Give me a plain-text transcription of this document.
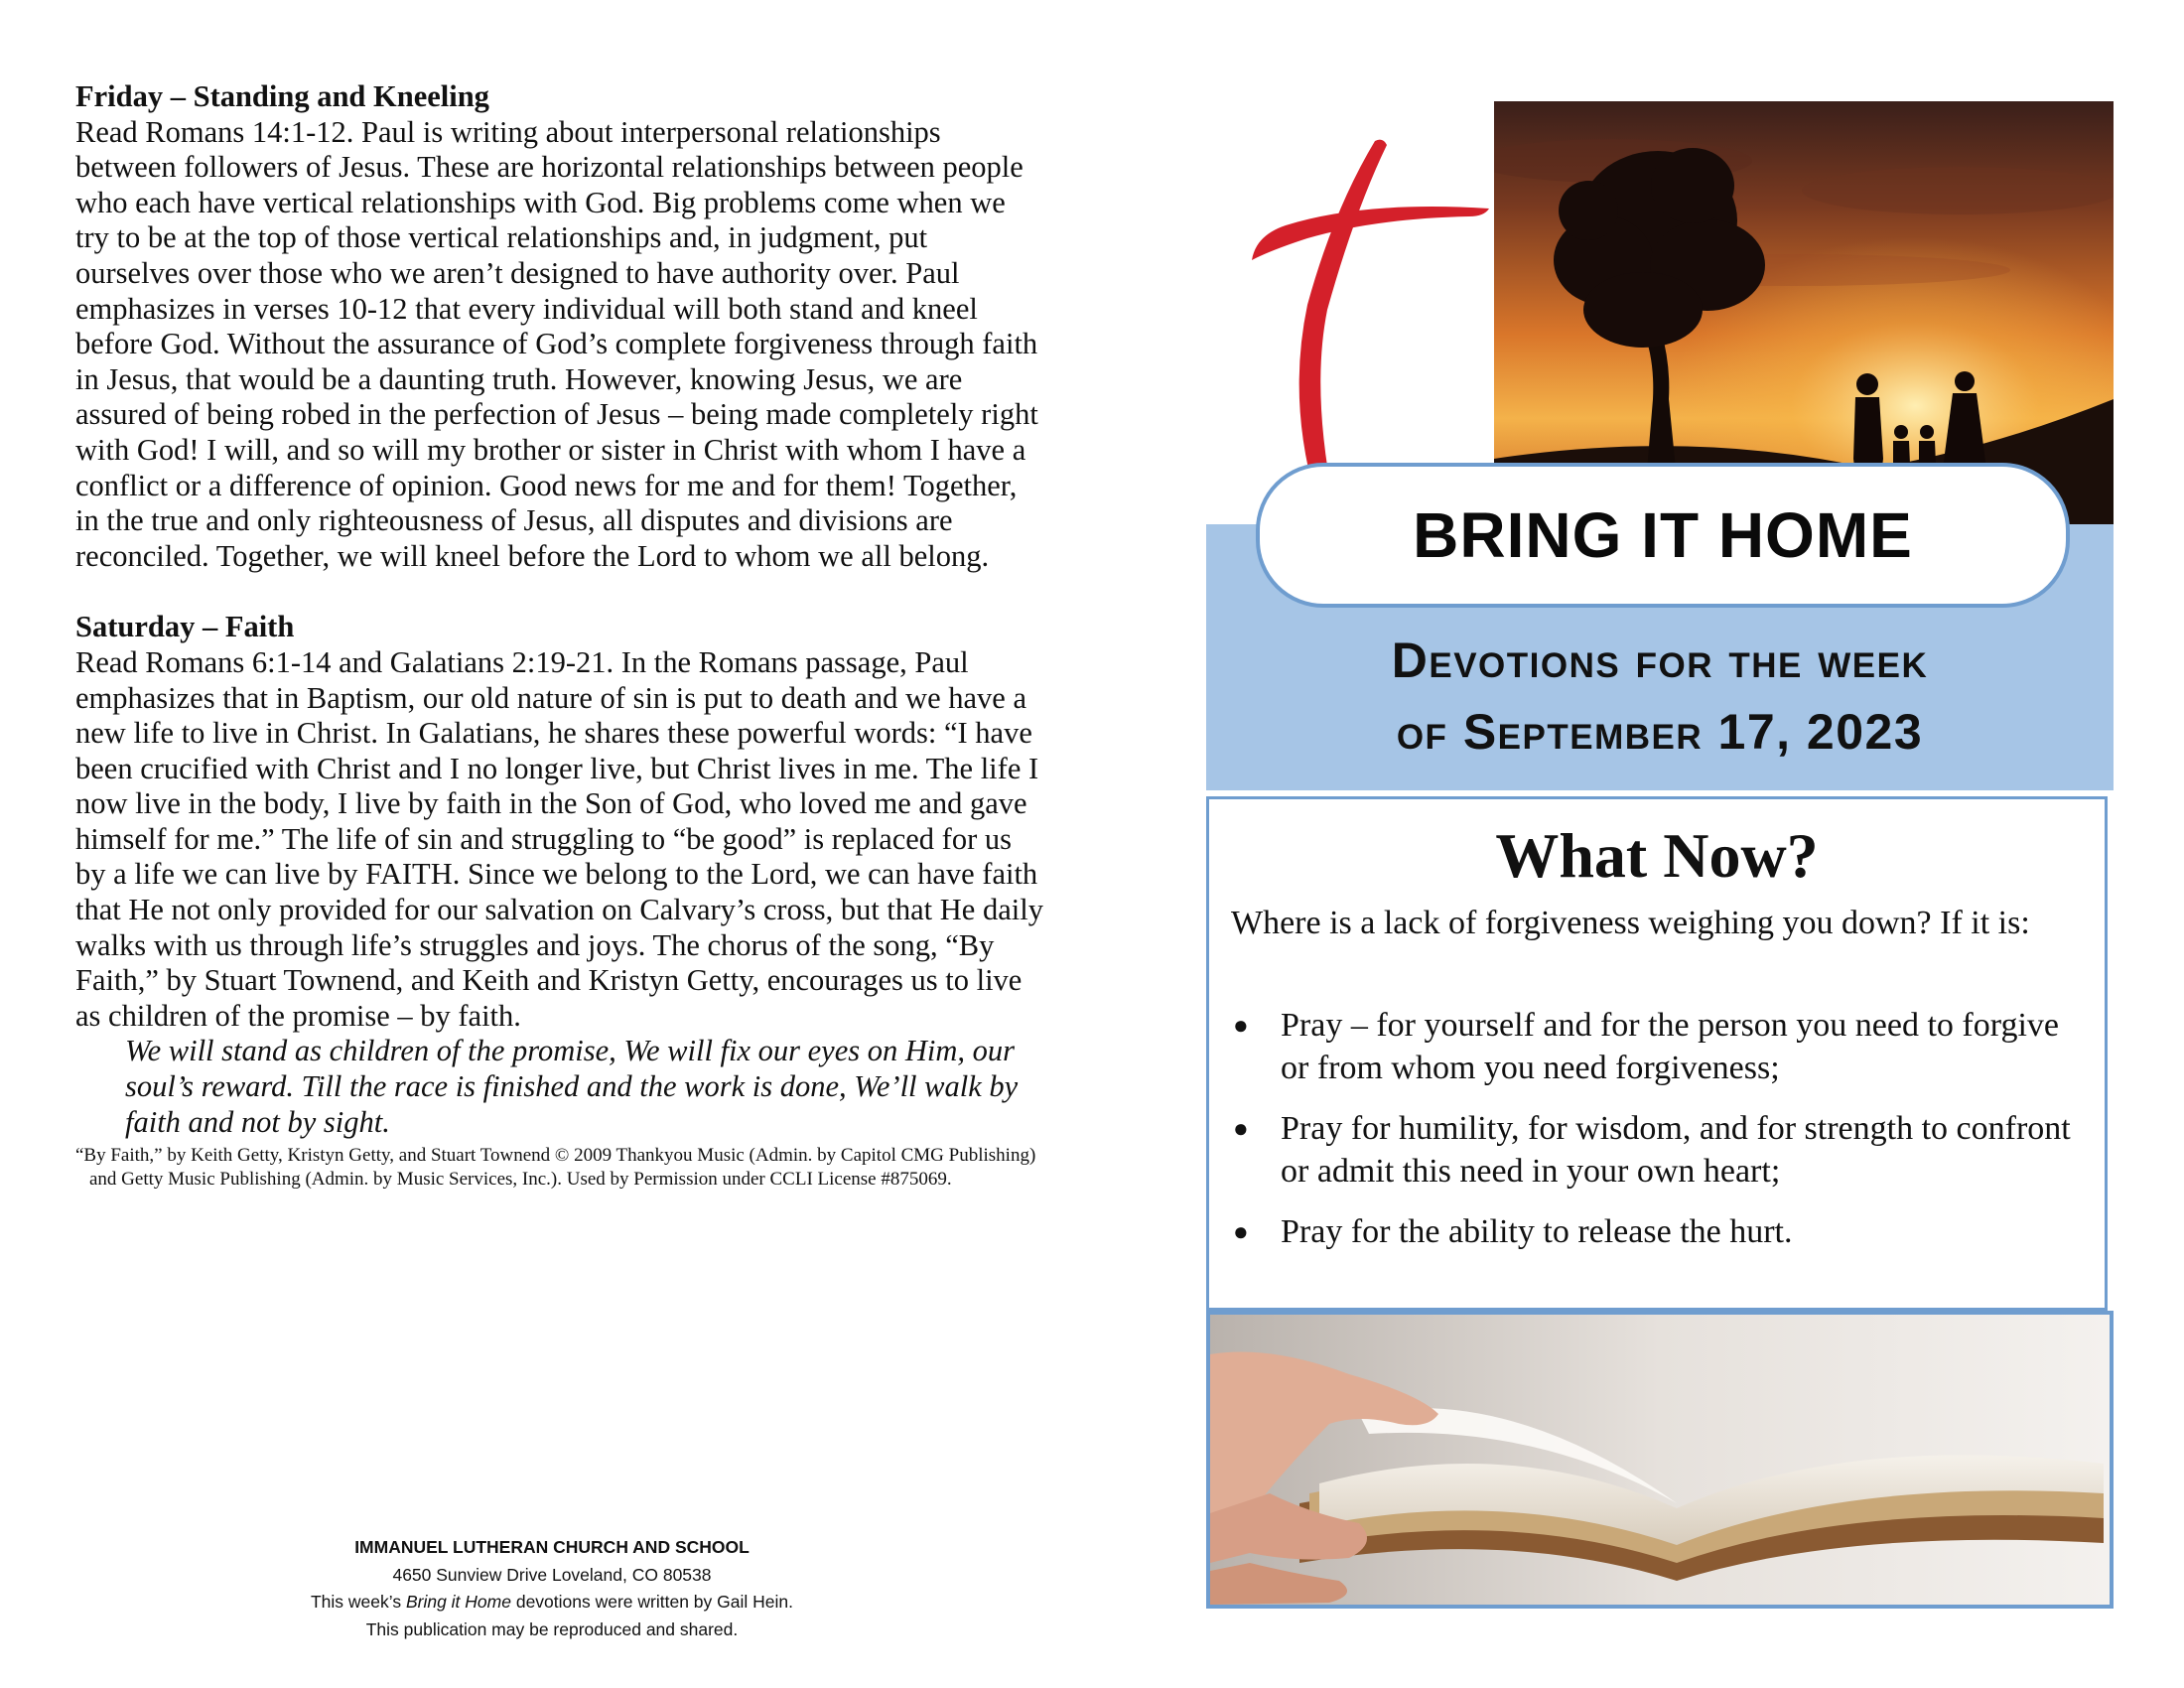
Friday – Standing and Kneeling

Read Romans 14:1-12. Paul is writing about interpersonal relationships between followers of Jesus. These are horizontal relationships between people who each have vertical relationships with God. Big problems come when we try to be at the top of those vertical relationships and, in judgment, put ourselves over those who we aren’t designed to have authority over. Paul emphasizes in verses 10-12 that every individual will both stand and kneel before God. Without the assurance of God’s complete forgiveness through faith in Jesus, that would be a daunting truth. However, knowing Jesus, we are assured of being robed in the perfection of Jesus – being made completely right with God! I will, and so will my brother or sister in Christ with whom I have a conflict or a difference of opinion. Good news for me and for them! Together, in the true and only righteousness of Jesus, all disputes and divisions are reconciled. Together, we will kneel before the Lord to whom we all belong.

Saturday – Faith

Read Romans 6:1-14 and Galatians 2:19-21. In the Romans passage, Paul emphasizes that in Baptism, our old nature of sin is put to death and we have a new life to live in Christ. In Galatians, he shares these powerful words: “I have been crucified with Christ and I no longer live, but Christ lives in me. The life I now live in the body, I live by faith in the Son of God, who loved me and gave himself for me.” The life of sin and struggling to “be good” is replaced for us by a life we can live by FAITH. Since we belong to the Lord, we can have faith that He not only provided for our salvation on Calvary’s cross, but that He daily walks with us through life’s struggles and joys. The chorus of the song, “By Faith,” by Stuart Townend, and Keith and Kristyn Getty, encourages us to live as children of the promise – by faith.

We will stand as children of the promise, We will fix our eyes on Him, our soul’s reward. Till the race is finished and the work is done, We’ll walk by faith and not by sight.

“By Faith,” by Keith Getty, Kristyn Getty, and Stuart Townend © 2009 Thankyou Music (Admin. by Capitol CMG Publishing) and Getty Music Publishing (Admin. by Music Services, Inc.). Used by Permission under CCLI License #875069.

IMMANUEL LUTHERAN CHURCH AND SCHOOL
4650 Sunview Drive Loveland, CO 80538
This week’s Bring it Home devotions were written by Gail Hein.
This publication may be reproduced and shared.
BRING IT HOME
Devotions for the week
of September 17, 2023
What Now?
Where is a lack of forgiveness weighing you down? If it is:
● Pray – for yourself and for the person you need to forgive or from whom you need forgiveness;
● Pray for humility, for wisdom, and for strength to confront or admit this need in your own heart;
● Pray for the ability to release the hurt.
